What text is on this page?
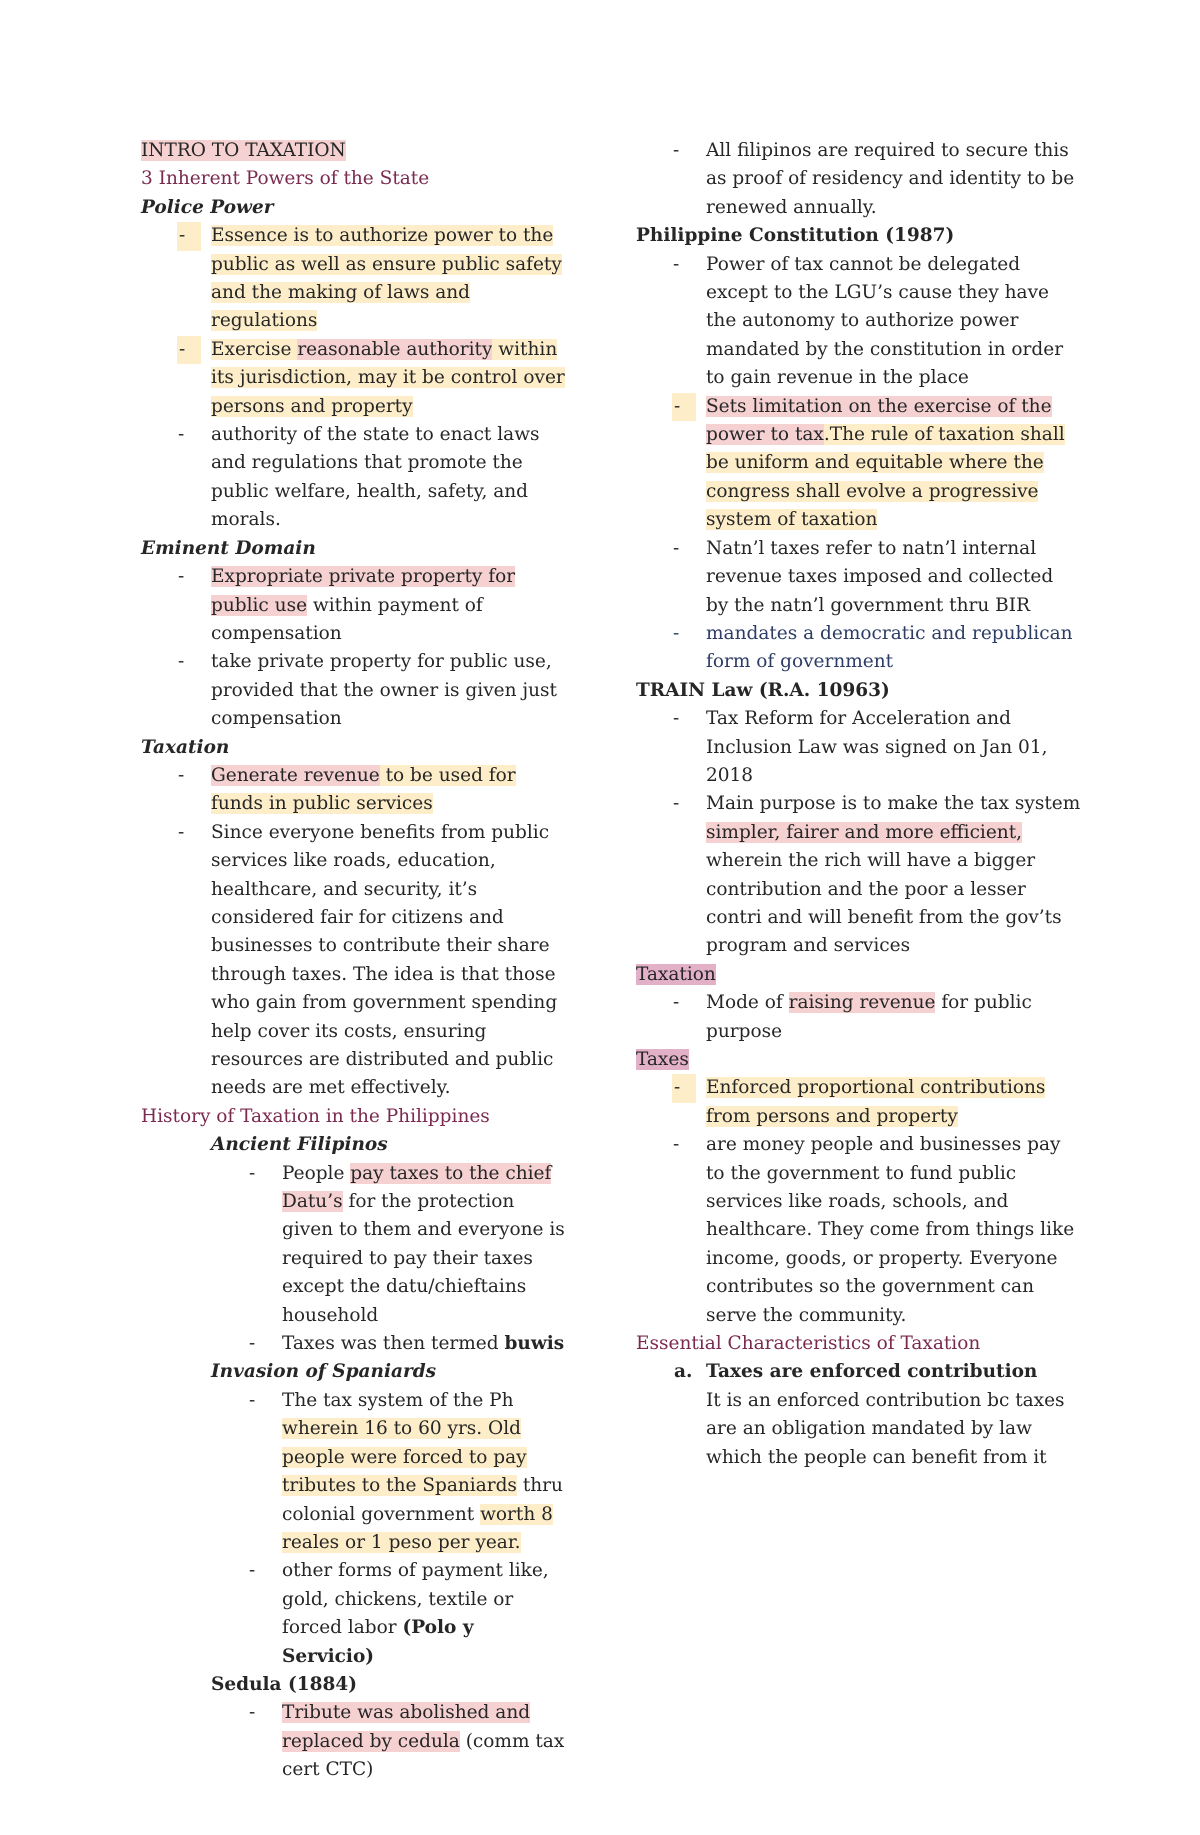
INTRO TO TAXATION
3 Inherent Powers of the State
Police Power
- Essence is to authorize power to the public as well as ensure public safety and the making of laws and regulations
- Exercise reasonable authority within its jurisdiction, may it be control over persons and property
- authority of the state to enact laws and regulations that promote the public welfare, health, safety, and morals.
Eminent Domain
- Expropriate private property for public use within payment of compensation
- take private property for public use, provided that the owner is given just compensation
Taxation
- Generate revenue to be used for funds in public services
- Since everyone benefits from public services like roads, education, healthcare, and security, it’s considered fair for citizens and businesses to contribute their share through taxes. The idea is that those who gain from government spending help cover its costs, ensuring resources are distributed and public needs are met effectively.
History of Taxation in the Philippines
Ancient Filipinos
- People pay taxes to the chief Datu’s for the protection given to them and everyone is required to pay their taxes except the datu/chieftains household
- Taxes was then termed buwis
Invasion of Spaniards
- The tax system of the Ph wherein 16 to 60 yrs. Old people were forced to pay tributes to the Spaniards thru colonial government worth 8 reales or 1 peso per year.
- other forms of payment like, gold, chickens, textile or forced labor (Polo y Servicio)
Sedula (1884)
- Tribute was abolished and replaced by cedula (comm tax cert CTC)
- All filipinos are required to secure this as proof of residency and identity to be renewed annually.
Philippine Constitution (1987)
- Power of tax cannot be delegated except to the LGU’s cause they have the autonomy to authorize power mandated by the constitution in order to gain revenue in the place
- Sets limitation on the exercise of the power to tax.The rule of taxation shall be uniform and equitable where the congress shall evolve a progressive system of taxation
- Natn’l taxes refer to natn’l internal revenue taxes imposed and collected by the natn’l government thru BIR
- mandates a democratic and republican form of government
TRAIN Law (R.A. 10963)
- Tax Reform for Acceleration and Inclusion Law was signed on Jan 01, 2018
- Main purpose is to make the tax system simpler, fairer and more efficient, wherein the rich will have a bigger contribution and the poor a lesser contri and will benefit from the gov’ts program and services
Taxation
- Mode of raising revenue for public purpose
Taxes
- Enforced proportional contributions from persons and property
- are money people and businesses pay to the government to fund public services like roads, schools, and healthcare. They come from things like income, goods, or property. Everyone contributes so the government can serve the community.
Essential Characteristics of Taxation
a. Taxes are enforced contribution
It is an enforced contribution bc taxes are an obligation mandated by law which the people can benefit from it
